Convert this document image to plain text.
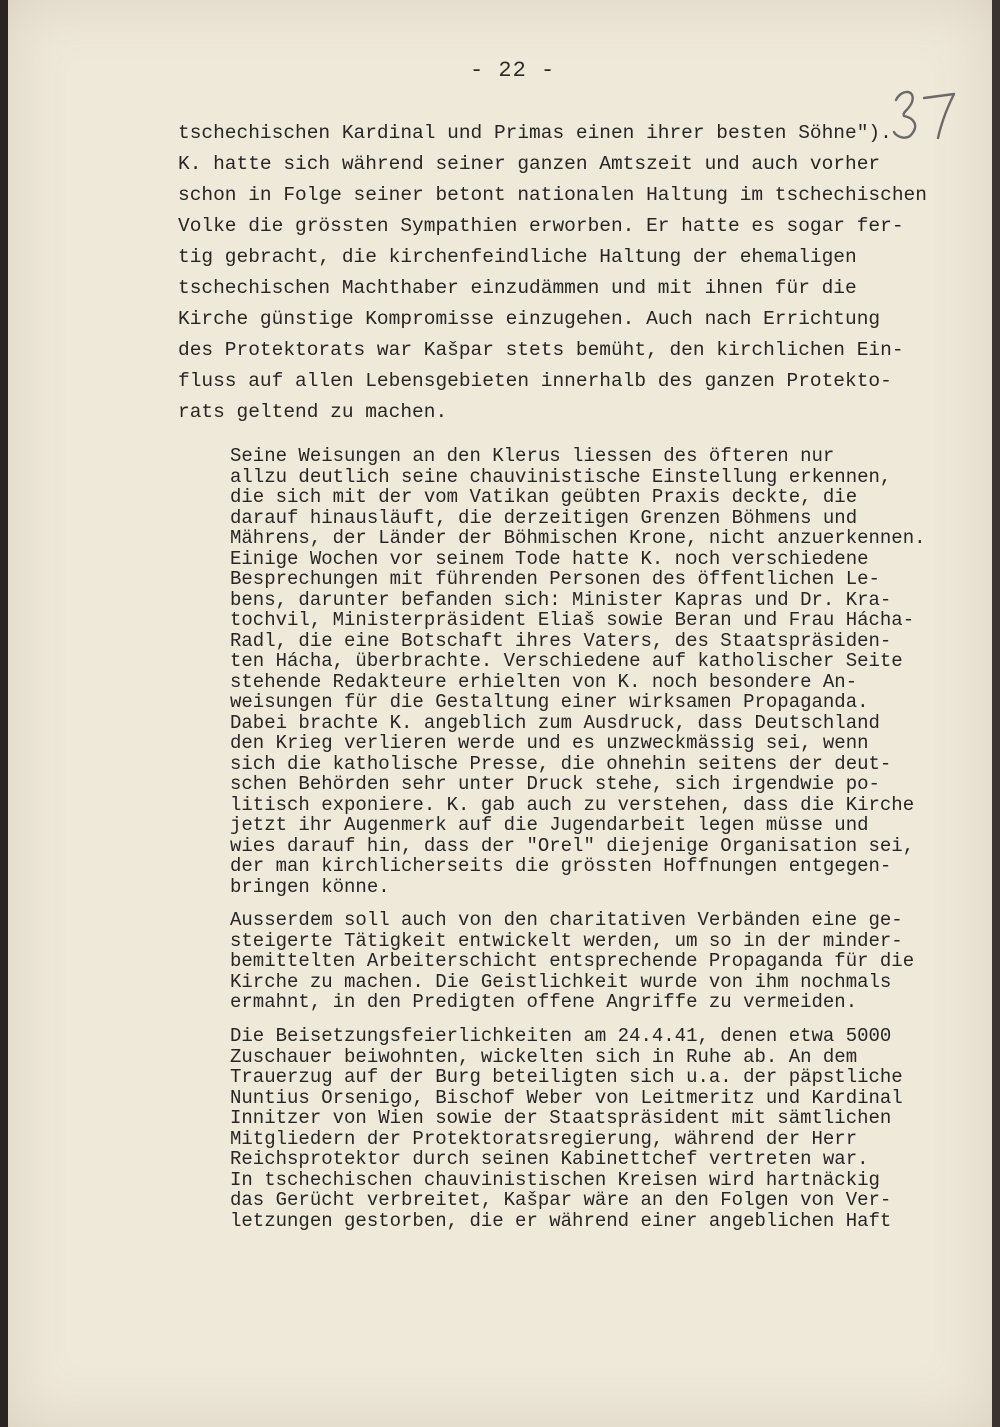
- 22 -
tschechischen Kardinal und Primas einen ihrer besten Söhne").
K. hatte sich während seiner ganzen Amtszeit und auch vorher
schon in Folge seiner betont nationalen Haltung im tschechischen
Volke die grössten Sympathien erworben. Er hatte es sogar fer-
tig gebracht, die kirchenfeindliche Haltung der ehemaligen
tschechischen Machthaber einzudämmen und mit ihnen für die
Kirche günstige Kompromisse einzugehen. Auch nach Errichtung
des Protektorats war Kašpar stets bemüht, den kirchlichen Ein-
fluss auf allen Lebensgebieten innerhalb des ganzen Protekto-
rats geltend zu machen.
Seine Weisungen an den Klerus liessen des öfteren nur
allzu deutlich seine chauvinistische Einstellung erkennen,
die sich mit der vom Vatikan geübten Praxis deckte, die
darauf hinausläuft, die derzeitigen Grenzen Böhmens und
Mährens, der Länder der Böhmischen Krone, nicht anzuerkennen.
Einige Wochen vor seinem Tode hatte K. noch verschiedene
Besprechungen mit führenden Personen des öffentlichen Le-
bens, darunter befanden sich: Minister Kapras und Dr. Kra-
tochvil, Ministerpräsident Eliaš sowie Beran und Frau Hácha-
Radl, die eine Botschaft ihres Vaters, des Staatspräsiden-
ten Hácha, überbrachte. Verschiedene auf katholischer Seite
stehende Redakteure erhielten von K. noch besondere An-
weisungen für die Gestaltung einer wirksamen Propaganda.
Dabei brachte K. angeblich zum Ausdruck, dass Deutschland
den Krieg verlieren werde und es unzweckmässig sei, wenn
sich die katholische Presse, die ohnehin seitens der deut-
schen Behörden sehr unter Druck stehe, sich irgendwie po-
litisch exponiere. K. gab auch zu verstehen, dass die Kirche
jetzt ihr Augenmerk auf die Jugendarbeit legen müsse und
wies darauf hin, dass der "Orel" diejenige Organisation sei,
der man kirchlicherseits die grössten Hoffnungen entgegen-
bringen könne.
Ausserdem soll auch von den charitativen Verbänden eine ge-
steigerte Tätigkeit entwickelt werden, um so in der minder-
bemittelten Arbeiterschicht entsprechende Propaganda für die
Kirche zu machen. Die Geistlichkeit wurde von ihm nochmals
ermahnt, in den Predigten offene Angriffe zu vermeiden.
Die Beisetzungsfeierlichkeiten am 24.4.41, denen etwa 5000
Zuschauer beiwohnten, wickelten sich in Ruhe ab. An dem
Trauerzug auf der Burg beteiligten sich u.a. der päpstliche
Nuntius Orsenigo, Bischof Weber von Leitmeritz und Kardinal
Innitzer von Wien sowie der Staatspräsident mit sämtlichen
Mitgliedern der Protektoratsregierung, während der Herr
Reichsprotektor durch seinen Kabinettchef vertreten war.
In tschechischen chauvinistischen Kreisen wird hartnäckig
das Gerücht verbreitet, Kašpar wäre an den Folgen von Ver-
letzungen gestorben, die er während einer angeblichen Haft
